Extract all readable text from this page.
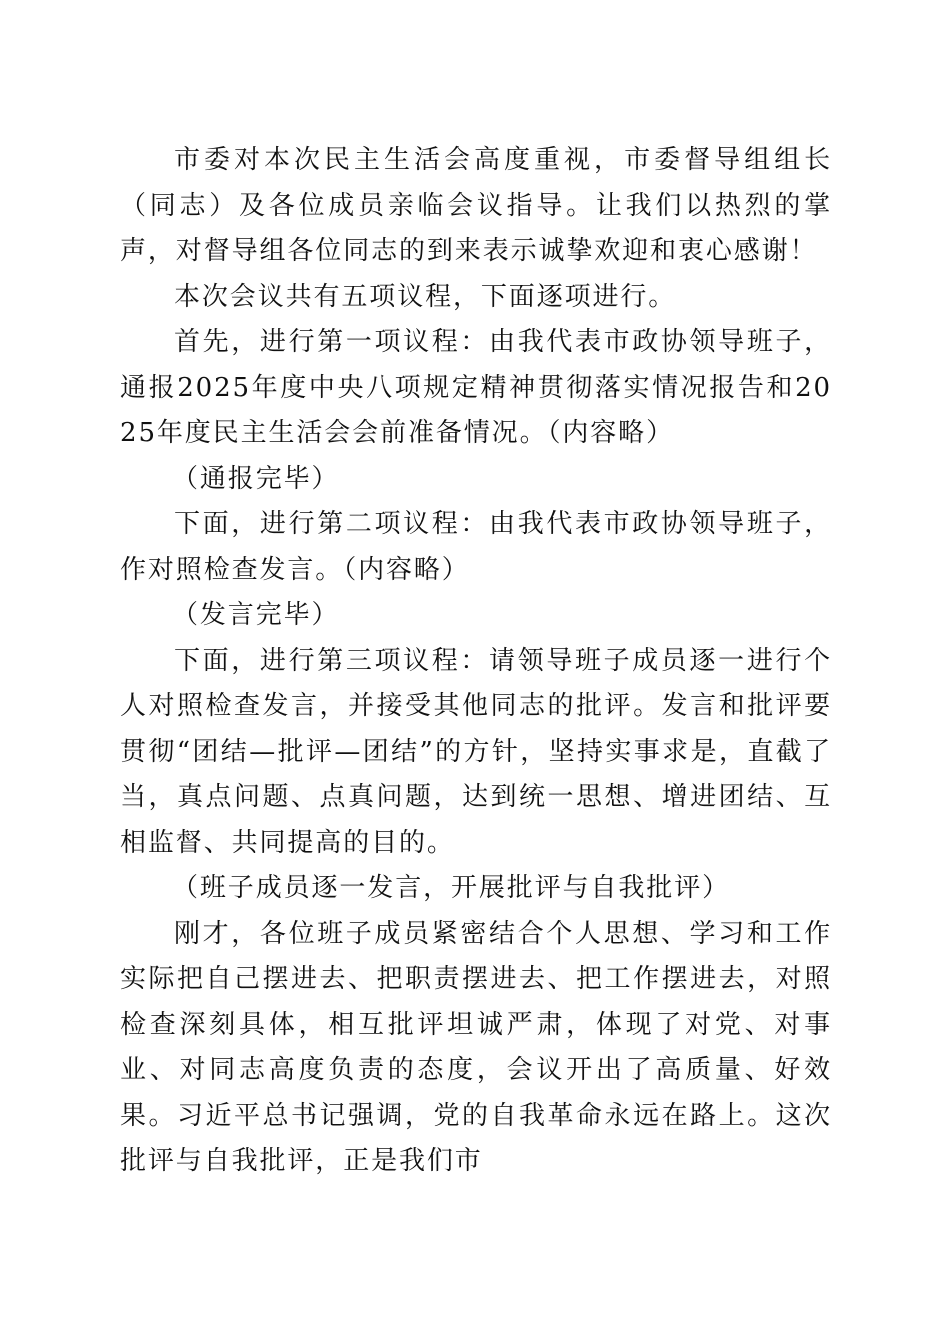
市委对本次民主生活会高度重视，市委督导组组长（同志）及各位成员亲临会议指导。让我们以热烈的掌声，对督导组各位同志的到来表示诚挚欢迎和衷心感谢！

本次会议共有五项议程，下面逐项进行。

首先，进行第一项议程：由我代表市政协领导班子，通报2025年度中央八项规定精神贯彻落实情况报告和2025年度民主生活会会前准备情况。（内容略）

（通报完毕）

下面，进行第二项议程：由我代表市政协领导班子，作对照检查发言。（内容略）

（发言完毕）

下面，进行第三项议程：请领导班子成员逐一进行个人对照检查发言，并接受其他同志的批评。发言和批评要贯彻“团结—批评—团结”的方针，坚持实事求是，直截了当，真点问题、点真问题，达到统一思想、增进团结、互相监督、共同提高的目的。

（班子成员逐一发言，开展批评与自我批评）

刚才，各位班子成员紧密结合个人思想、学习和工作实际把自己摆进去、把职责摆进去、把工作摆进去，对照检查深刻具体，相互批评坦诚严肃，体现了对党、对事业、对同志高度负责的态度，会议开出了高质量、好效果。习近平总书记强调，党的自我革命永远在路上。这次批评与自我批评，正是我们市
